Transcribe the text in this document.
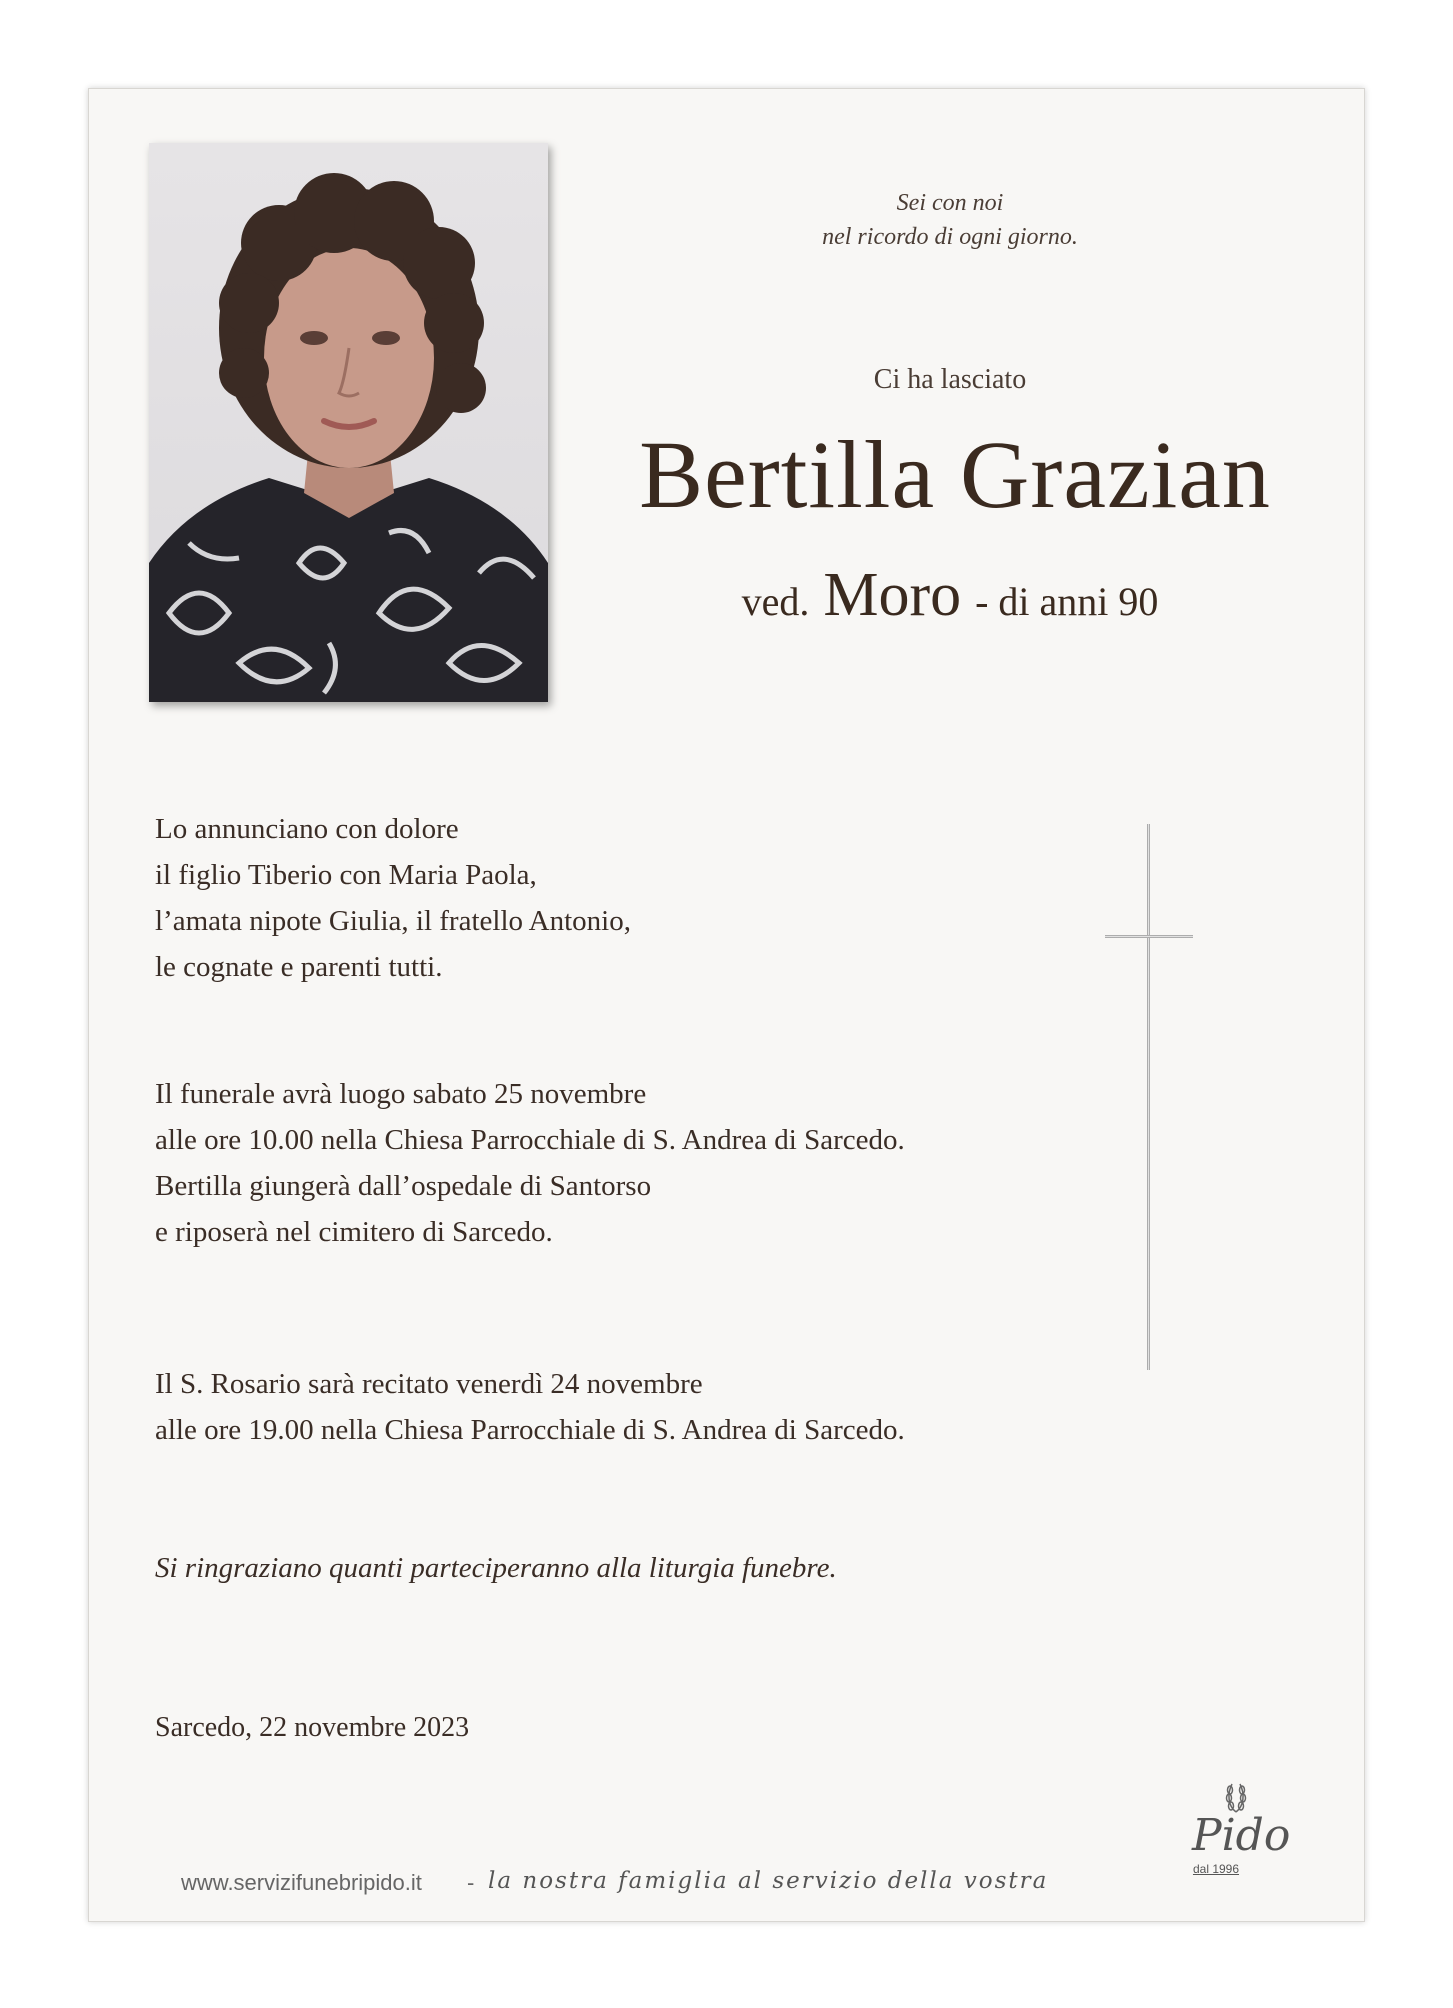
Sei con noi
nel ricordo di ogni giorno.
Ci ha lasciato
Bertilla Grazian
ved. Moro - di anni 90
Lo annunciano con dolore
il figlio Tiberio con Maria Paola,
l’amata nipote Giulia, il fratello Antonio,
le cognate e parenti tutti.
Il funerale avrà luogo sabato 25 novembre
alle ore 10.00 nella Chiesa Parrocchiale di S. Andrea di Sarcedo.
Bertilla giungerà dall’ospedale di Santorso
e riposerà nel cimitero di Sarcedo.
Il S. Rosario sarà recitato venerdì 24 novembre
alle ore 19.00 nella Chiesa Parrocchiale di S. Andrea di Sarcedo.
Si ringraziano quanti parteciperanno alla liturgia funebre.
Sarcedo, 22 novembre 2023
www.servizifunebripido.it - la nostra famiglia al servizio della vostra
Pido
dal 1996
